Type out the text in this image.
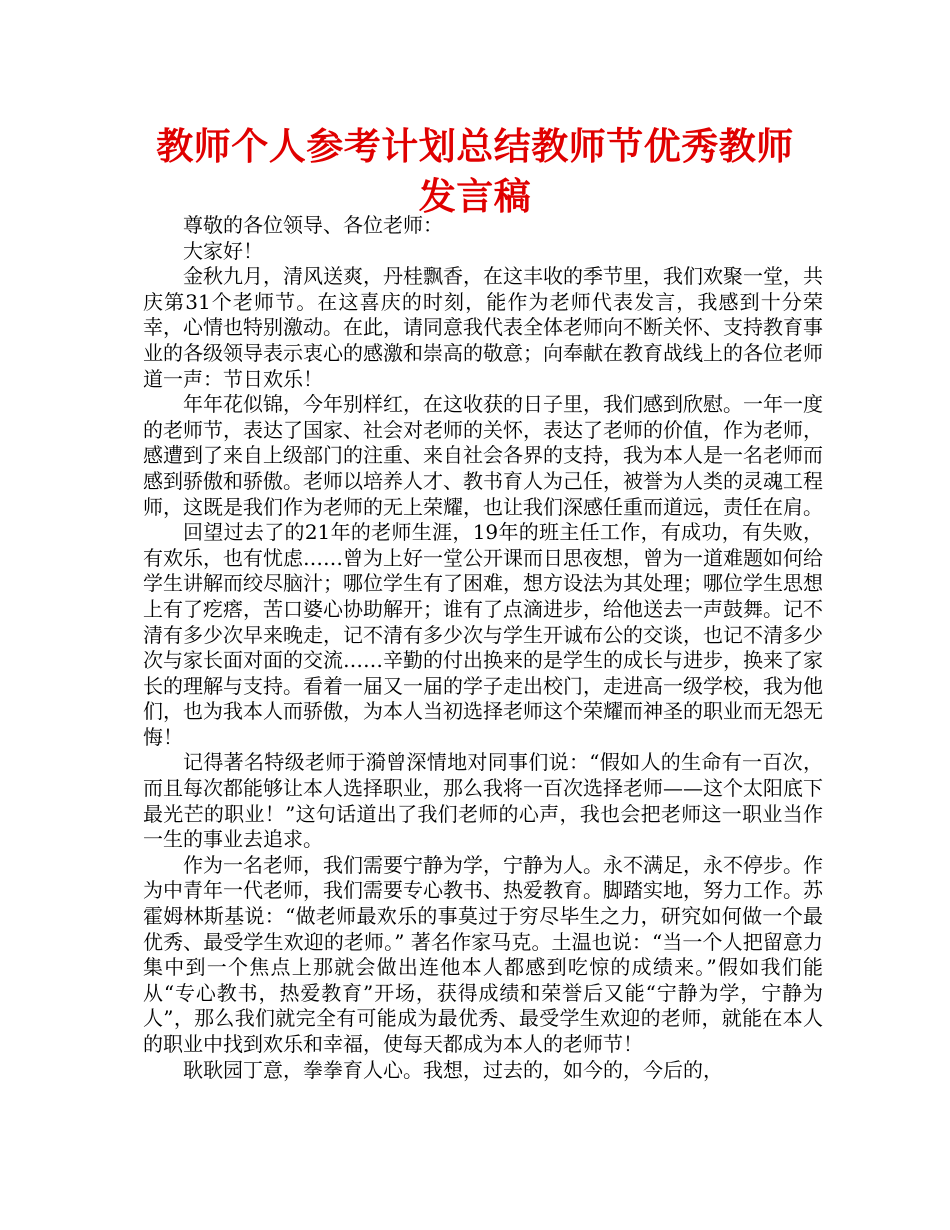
教师个人参考计划总结教师节优秀教师发言稿

尊敬的各位领导、各位老师：

大家好！

金秋九月，清风送爽，丹桂飘香，在这丰收的季节里，我们欢聚一堂，共庆第31个老师节。在这喜庆的时刻，能作为老师代表发言，我感到十分荣幸，心情也特别激动。在此，请同意我代表全体老师向不断关怀、支持教育事业的各级领导表示衷心的感激和崇高的敬意；向奉献在教育战线上的各位老师道一声：节日欢乐！

年年花似锦，今年别样红，在这收获的日子里，我们感到欣慰。一年一度的老师节，表达了国家、社会对老师的关怀，表达了老师的价值，作为老师，感遭到了来自上级部门的注重、来自社会各界的支持，我为本人是一名老师而感到骄傲和骄傲。老师以培养人才、教书育人为己任，被誉为人类的灵魂工程师，这既是我们作为老师的无上荣耀，也让我们深感任重而道远，责任在肩。

回望过去了的21年的老师生涯，19年的班主任工作，有成功，有失败，有欢乐，也有忧虑……曾为上好一堂公开课而日思夜想，曾为一道难题如何给学生讲解而绞尽脑汁；哪位学生有了困难，想方设法为其处理；哪位学生思想上有了疙瘩，苦口婆心协助解开；谁有了点滴进步，给他送去一声鼓舞。记不清有多少次早来晚走，记不清有多少次与学生开诚布公的交谈，也记不清多少次与家长面对面的交流……辛勤的付出换来的是学生的成长与进步，换来了家长的理解与支持。看着一届又一届的学子走出校门，走进高一级学校，我为他们，也为我本人而骄傲，为本人当初选择老师这个荣耀而神圣的职业而无怨无悔！

记得著名特级老师于漪曾深情地对同事们说：“假如人的生命有一百次，而且每次都能够让本人选择职业，那么我将一百次选择老师——这个太阳底下最光芒的职业！”这句话道出了我们老师的心声，我也会把老师这一职业当作一生的事业去追求。

作为一名老师，我们需要宁静为学，宁静为人。永不满足，永不停步。作为中青年一代老师，我们需要专心教书、热爱教育。脚踏实地，努力工作。苏霍姆林斯基说：“做老师最欢乐的事莫过于穷尽毕生之力，研究如何做一个最优秀、最受学生欢迎的老师。” 著名作家马克。土温也说：“当一个人把留意力集中到一个焦点上那就会做出连他本人都感到吃惊的成绩来。”假如我们能从“专心教书，热爱教育”开场，获得成绩和荣誉后又能“宁静为学，宁静为人”，那么我们就完全有可能成为最优秀、最受学生欢迎的老师，就能在本人的职业中找到欢乐和幸福，使每天都成为本人的老师节！

耿耿园丁意，拳拳育人心。我想，过去的，如今的，今后的，
